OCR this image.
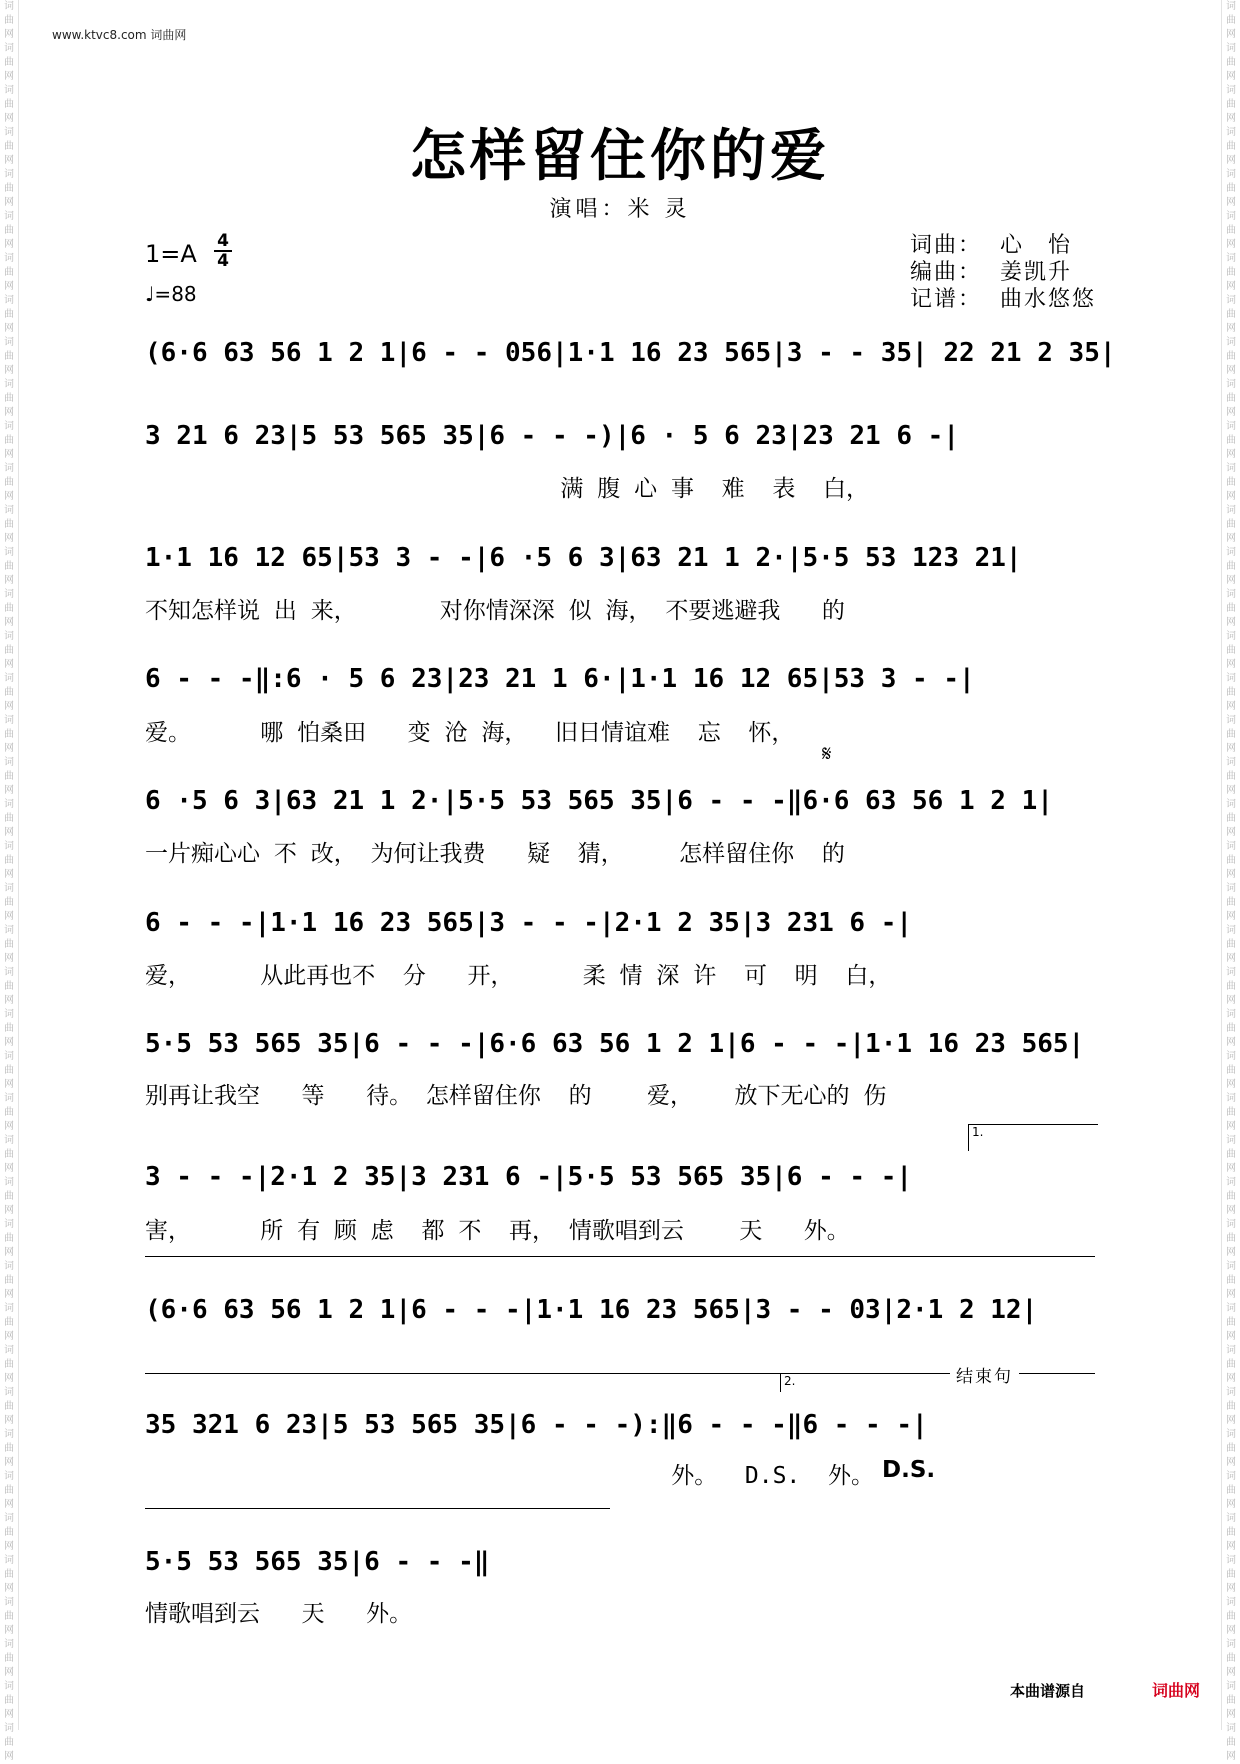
词曲网
词曲网
词曲网
词曲网
词曲网
词曲网
词曲网
词曲网
词曲网
词曲网
词曲网
词曲网
词曲网
词曲网
词曲网
词曲网
词曲网
词曲网
词曲网
词曲网
词曲网
词曲网
词曲网
词曲网
词曲网
词曲网
词曲网
词曲网
词曲网
词曲网
词曲网
词曲网
词曲网
词曲网
词曲网
词曲网
词曲网
词曲网
词曲网
词曲网
词曲网
词曲网
词曲网
词曲网
词曲网
词曲网
词曲网
词曲网
词曲网
词曲网
词曲网
词曲网
词曲网
词曲网
词曲网
词曲网
词曲网
词曲网
词曲网
词曲网
词曲网
词曲网
词曲网
词曲网
词曲网
词曲网
词曲网
词曲网
词曲网
词曲网
词曲网
词曲网
词曲网
词曲网
词曲网
词曲网
词曲网
词曲网
词曲网
词曲网
词曲网
词曲网
词曲网
词曲网
www.ktvc8.com 词曲网
怎样留住你的爱
演唱：米 灵
1=A 4
4
♩=88
词曲： 心　怡
编曲： 姜凯升
记谱： 曲水悠悠
(6·6 63 56 1 2 1|6 - - 056|1·1 16 23 565|3 - - 35| 22 21 2 35|
3 21 6 23|5 53 565 35|6 - - -)|6 · 5 6 23|23 21 6 -|
满 腹 心 事  难  表  白，
1·1 16 12 65|53 3 - -|6 ·5 6 3|63 21 1 2·|5·5 53 123 21|
不知怎样说 出 来，      对你情深深 似 海， 不要逃避我   的
6 - - -‖:6 · 5 6 23|23 21 1 6·|1·1 16 12 65|53 3 - -|
爱。     哪 怕桑田   变 沧 海，  旧日情谊难  忘  怀，
𝄋
6 ·5 6 3|63 21 1 2·|5·5 53 565 35|6 - - -‖6·6 63 56 1 2 1|
一片痴心心 不 改， 为何让我费   疑  猜，    怎样留住你  的
6 - - -|1·1 16 23 565|3 - - -|2·1 2 35|3 231 6 -|
爱，     从此再也不  分   开，     柔 情 深 许  可  明  白，
5·5 53 565 35|6 - - -|6·6 63 56 1 2 1|6 - - -|1·1 16 23 565|
别再让我空   等   待。 怎样留住你  的    爱，   放下无心的 伤
1.
3 - - -|2·1 2 35|3 231 6 -|5·5 53 565 35|6 - - -|
害，     所 有 顾 虑  都 不  再， 情歌唱到云    天   外。
(6·6 63 56 1 2 1|6 - - -|1·1 16 23 565|3 - - 03|2·1 2 12|
结束句
2.
35 321 6 23|5 53 565 35|6 - - -):‖6 - - -‖6 - - -|
外。  D.S.  外。 D.S.
5·5 53 565 35|6 - - -‖
情歌唱到云   天   外。
本曲谱源自	词曲网
